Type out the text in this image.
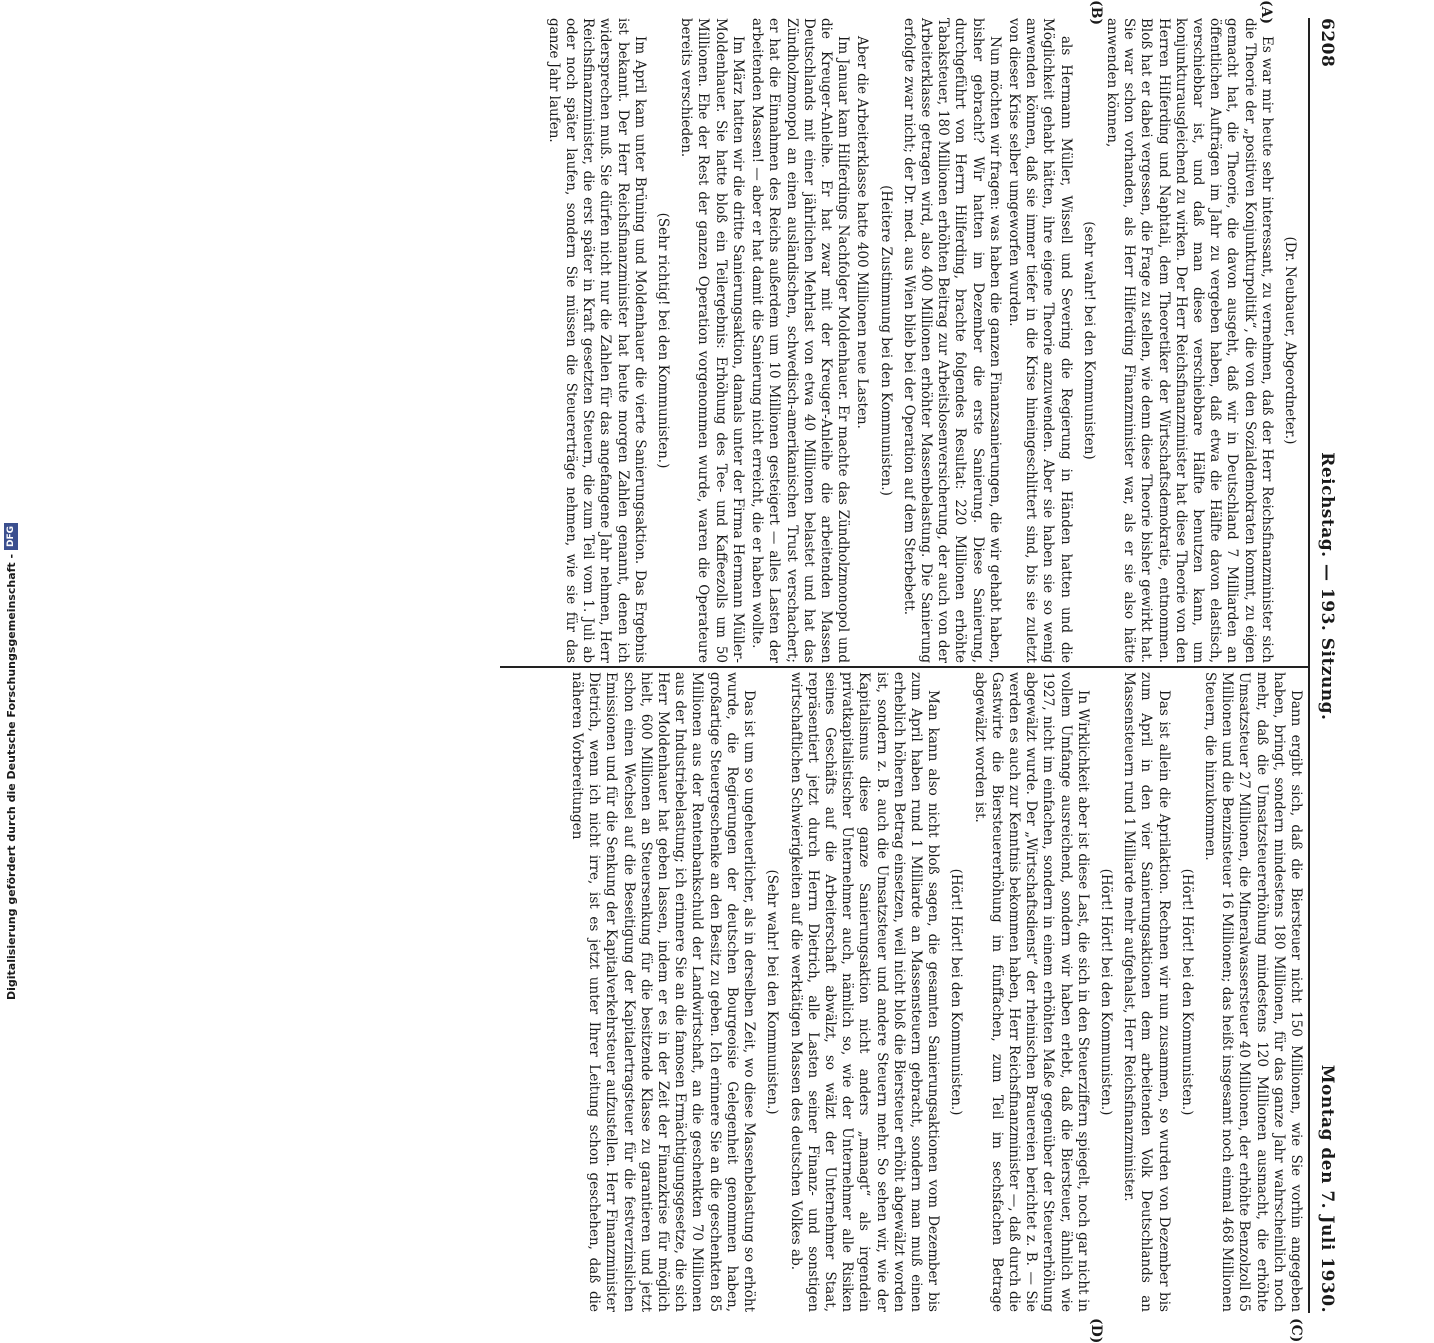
6208
Reichstag. — 193. Sitzung.
Montag den 7. Juli 1930.
(A)
(B)
(C)
(D)

(Dr. Neubauer, Abgeordneter.)

Es war mir heute sehr interessant, zu vernehmen, daß der Herr Reichsfinanzminister sich die Theorie der „positiven Konjunkturpolitik“, die von den Sozialdemokraten kommt, zu eigen gemacht hat, die Theorie, die davon ausgeht, daß wir in Deutschland 7 Milliarden an öffentlichen Aufträgen im Jahr zu vergeben haben, daß etwa die Hälfte davon elastisch, verschiebbar ist, und daß man diese verschiebbare Hälfte benutzen kann, um konjunkturausgleichend zu wirken. Der Herr Reichsfinanzminister hat diese Theorie von den Herren Hilferding und Naphtali, dem Theoretiker der Wirtschaftsdemokratie, entnommen. Bloß hat er dabei vergessen, die Frage zu stellen, wie denn diese Theorie bisher gewirkt hat. Sie war schon vorhanden, als Herr Hilferding Finanzminister war, als er sie also hätte anwenden können,

(sehr wahr! bei den Kommunisten)

als Hermann Müller, Wissell und Severing die Regierung in Händen hatten und die Möglichkeit gehabt hätten, ihre eigene Theorie anzuwenden. Aber sie haben sie so wenig anwenden können, daß sie immer tiefer in die Krise hineingeschlittert sind, bis sie zuletzt von dieser Krise selber umgeworfen wurden.

Nun möchten wir fragen: was haben die ganzen Finanzsanierungen, die wir gehabt haben, bisher gebracht? Wir hatten im Dezember die erste Sanierung. Diese Sanierung, durchgeführt von Herrn Hilferding, brachte folgendes Resultat: 220 Millionen erhöhte Tabaksteuer, 180 Millionen erhöhten Beitrag zur Arbeitslosenversicherung, der auch von der Arbeiterklasse getragen wird, also 400 Millionen erhöhter Massenbelastung. Die Sanierung erfolgte zwar nicht; der Dr. med. aus Wien blieb bei der Operation auf dem Sterbebett.

(Heitere Zustimmung bei den Kommunisten.)

Aber die Arbeiterklasse hatte 400 Millionen neue Lasten.

Im Januar kam Hilferdings Nachfolger Moldenhauer. Er machte das Zündholzmonopol und die Kreuger-Anleihe. Er hat zwar mit der Kreuger-Anleihe die arbeitenden Massen Deutschlands mit einer jährlichen Mehrlast von etwa 40 Millionen belastet und hat das Zündholzmonopol an einen ausländischen, schwedisch-amerikanischen Trust verschachert; er hat die Einnahmen des Reichs außerdem um 10 Millionen gesteigert — alles Lasten der arbeitenden Massen! — aber er hat damit die Sanierung nicht erreicht, die er haben wollte.

Im März hatten wir die dritte Sanierungsaktion, damals unter der Firma Hermann Müller-Moldenhauer. Sie hatte bloß ein Teilergebnis: Erhöhung des Tee- und Kaffeezolls um 50 Millionen. Ehe der Rest der ganzen Operation vorgenommen wurde, waren die Operateure bereits verschieden.

(Sehr richtig! bei den Kommunisten.)

Im April kam unter Brüning und Moldenhauer die vierte Sanierungsaktion. Das Ergebnis ist bekannt. Der Herr Reichsfinanzminister hat heute morgen Zahlen genannt, denen ich widersprechen muß. Sie dürfen nicht nur die Zahlen für das angefangene Jahr nehmen, Herr Reichsfinanzminister, die erst später in Kraft gesetzten Steuern, die zum Teil vom 1. Juli ab oder noch später laufen, sondern Sie müssen die Steuererträge nehmen, wie sie für das ganze Jahr laufen.

Dann ergibt sich, daß die Biersteuer nicht 150 Millionen, wie Sie vorhin angegeben haben, bringt, sondern mindestens 180 Millionen, für das ganze Jahr wahrscheinlich noch mehr, daß die Umsatzsteuererhöhung mindestens 120 Millionen ausmacht, die erhöhte Umsatzsteuer 27 Millionen, die Mineralwassersteuer 40 Millionen, der erhöhte Benzolzoll 65 Millionen und die Benzinsteuer 16 Millionen; das heißt insgesamt noch einmal 468 Millionen Steuern, die hinzukommen.

(Hört! Hört! bei den Kommunisten.)

Das ist allein die Aprilaktion. Rechnen wir nun zusammen, so wurden von Dezember bis zum April in den vier Sanierungsaktionen dem arbeitenden Volk Deutschlands an Massensteuern rund 1 Milliarde mehr aufgehalst, Herr Reichsfinanzminister.

(Hört! Hört! bei den Kommunisten.)

In Wirklichkeit aber ist diese Last, die sich in den Steuerziffern spiegelt, noch gar nicht in vollem Umfange ausreichend, sondern wir haben erlebt, daß die Biersteuer, ähnlich wie 1927, nicht im einfachen, sondern in einem erhöhten Maße gegenüber der Steuererhöhung abgewälzt wurde. Der „Wirtschaftsdienst“ der rheinischen Brauereien berichtet z. B. — Sie werden es auch zur Kenntnis bekommen haben, Herr Reichsfinanzminister —, daß durch die Gastwirte die Biersteuererhöhung im fünffachen, zum Teil im sechsfachen Betrage abgewälzt worden ist.

(Hört! Hört! bei den Kommunisten.)

Man kann also nicht bloß sagen, die gesamten Sanierungsaktionen vom Dezember bis zum April haben rund 1 Milliarde an Massensteuern gebracht, sondern man muß einen erheblich höheren Betrag einsetzen, weil nicht bloß die Biersteuer erhöht abgewälzt worden ist, sondern z. B. auch die Umsatzsteuer und andere Steuern mehr. So sehen wir, wie der Kapitalismus diese ganze Sanierungsaktion nicht anders „managt“ als irgendein privatkapitalistischer Unternehmer auch, nämlich so, wie der Unternehmer alle Risiken seines Geschäfts auf die Arbeiterschaft abwälzt, so wälzt der Unternehmer Staat, repräsentiert jetzt durch Herrn Dietrich, alle Lasten seiner Finanz- und sonstigen wirtschaftlichen Schwierigkeiten auf die werktätigen Massen des deutschen Volkes ab.

(Sehr wahr! bei den Kommunisten.)

Das ist um so ungeheuerlicher, als in derselben Zeit, wo diese Massenbelastung so erhöht wurde, die Regierungen der deutschen Bourgeoisie Gelegenheit genommen haben, großartige Steuergeschenke an den Besitz zu geben. Ich erinnere Sie an die geschenkten 85 Millionen aus der Rentenbankschuld der Landwirtschaft, an die geschenkten 70 Millionen aus der Industriebelastung; ich erinnere Sie an die famosen Ermächtigungsgesetze, die sich Herr Moldenhauer hat geben lassen, indem er es in der Zeit der Finanzkrise für möglich hielt, 600 Millionen an Steuersenkung für die besitzende Klasse zu garantieren und jetzt schon einen Wechsel auf die Beseitigung der Kapitalertragsteuer für die festverzinslichen Emissionen und für die Senkung der Kapitalverkehrsteuer aufzustellen. Herr Finanzminister Dietrich, wenn ich nicht irre, ist es jetzt unter Ihrer Leitung schon geschehen, daß die näheren Vorbereitungen

Digitalisierung gefördert durch die Deutsche Forschungsgemeinschaft -
DFG
